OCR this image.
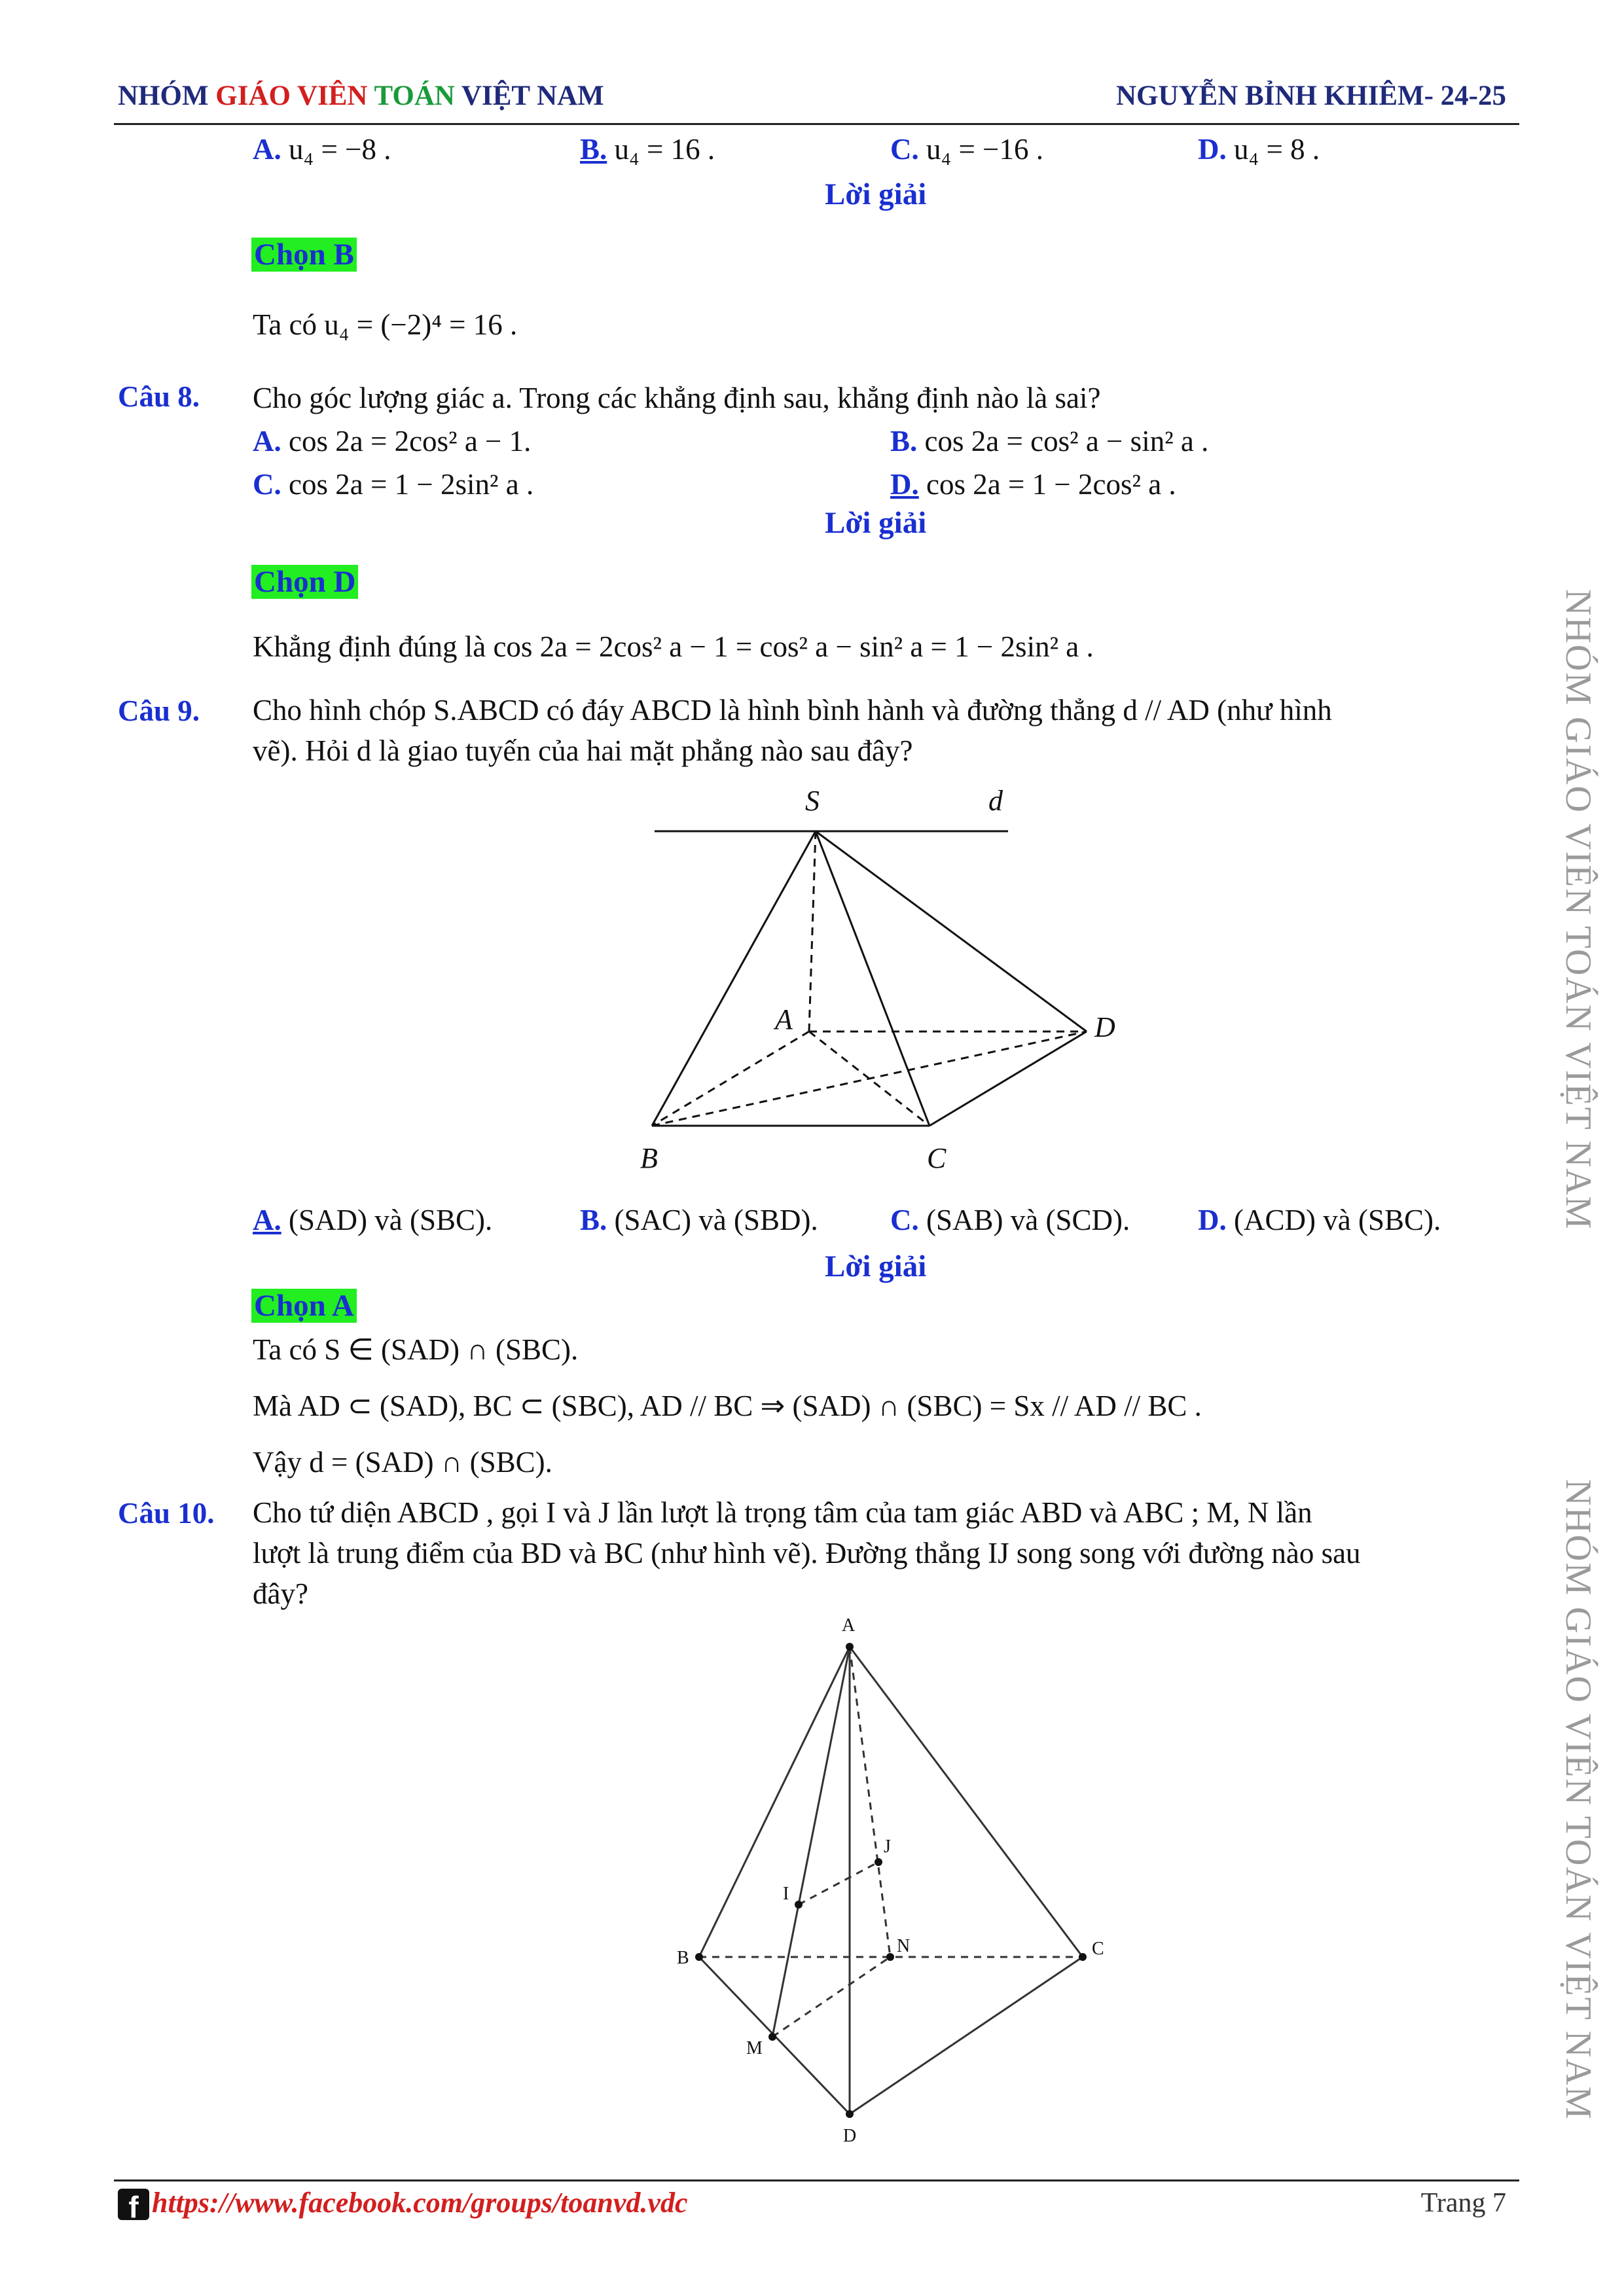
NHÓM GIÁO VIÊN TOÁN VIỆT NAM	NGUYỄN BỈNH KHIÊM- 24-25
A. u₄ = −8 .	B. u₄ = 16 .	C. u₄ = −16 .	D. u₄ = 8 .
Lời giải
Chọn B
Ta có u₄ = (−2)⁴ = 16 .
Câu 8. Cho góc lượng giác a. Trong các khẳng định sau, khẳng định nào là sai?
A. cos 2a = 2cos² a − 1.	B. cos 2a = cos² a − sin² a .
C. cos 2a = 1 − 2sin² a .	D. cos 2a = 1 − 2cos² a .
Lời giải
Chọn D
Khẳng định đúng là cos 2a = 2cos² a − 1 = cos² a − sin² a = 1 − 2sin² a .
Câu 9. Cho hình chóp S.ABCD có đáy ABCD là hình bình hành và đường thẳng d // AD (như hình
vẽ). Hỏi d là giao tuyến của hai mặt phẳng nào sau đây?
S	d
A	D
B	C
A. (SAD) và (SBC).	B. (SAC) và (SBD). C. (SAB) và (SCD). D. (ACD) và (SBC).
Lời giải
Chọn A
Ta có S ∈ (SAD) ∩ (SBC).
Mà AD ⊂ (SAD), BC ⊂ (SBC), AD // BC ⇒ (SAD) ∩ (SBC) = Sx // AD // BC .
Vậy d = (SAD) ∩ (SBC).
Câu 10. Cho tứ diện ABCD , gọi I và J lần lượt là trọng tâm của tam giác ABD và ABC ; M, N lần
lượt là trung điểm của BD và BC (như hình vẽ). Đường thẳng IJ song song với đường nào sau
đây?
A
B	C
D
M
N
I
J
NHÓM GIÁO VIÊN TOÁN VIỆT NAM
NHÓM GIÁO VIÊN TOÁN VIỆT NAM
f https://www.facebook.com/groups/toanvd.vdc	Trang 7
